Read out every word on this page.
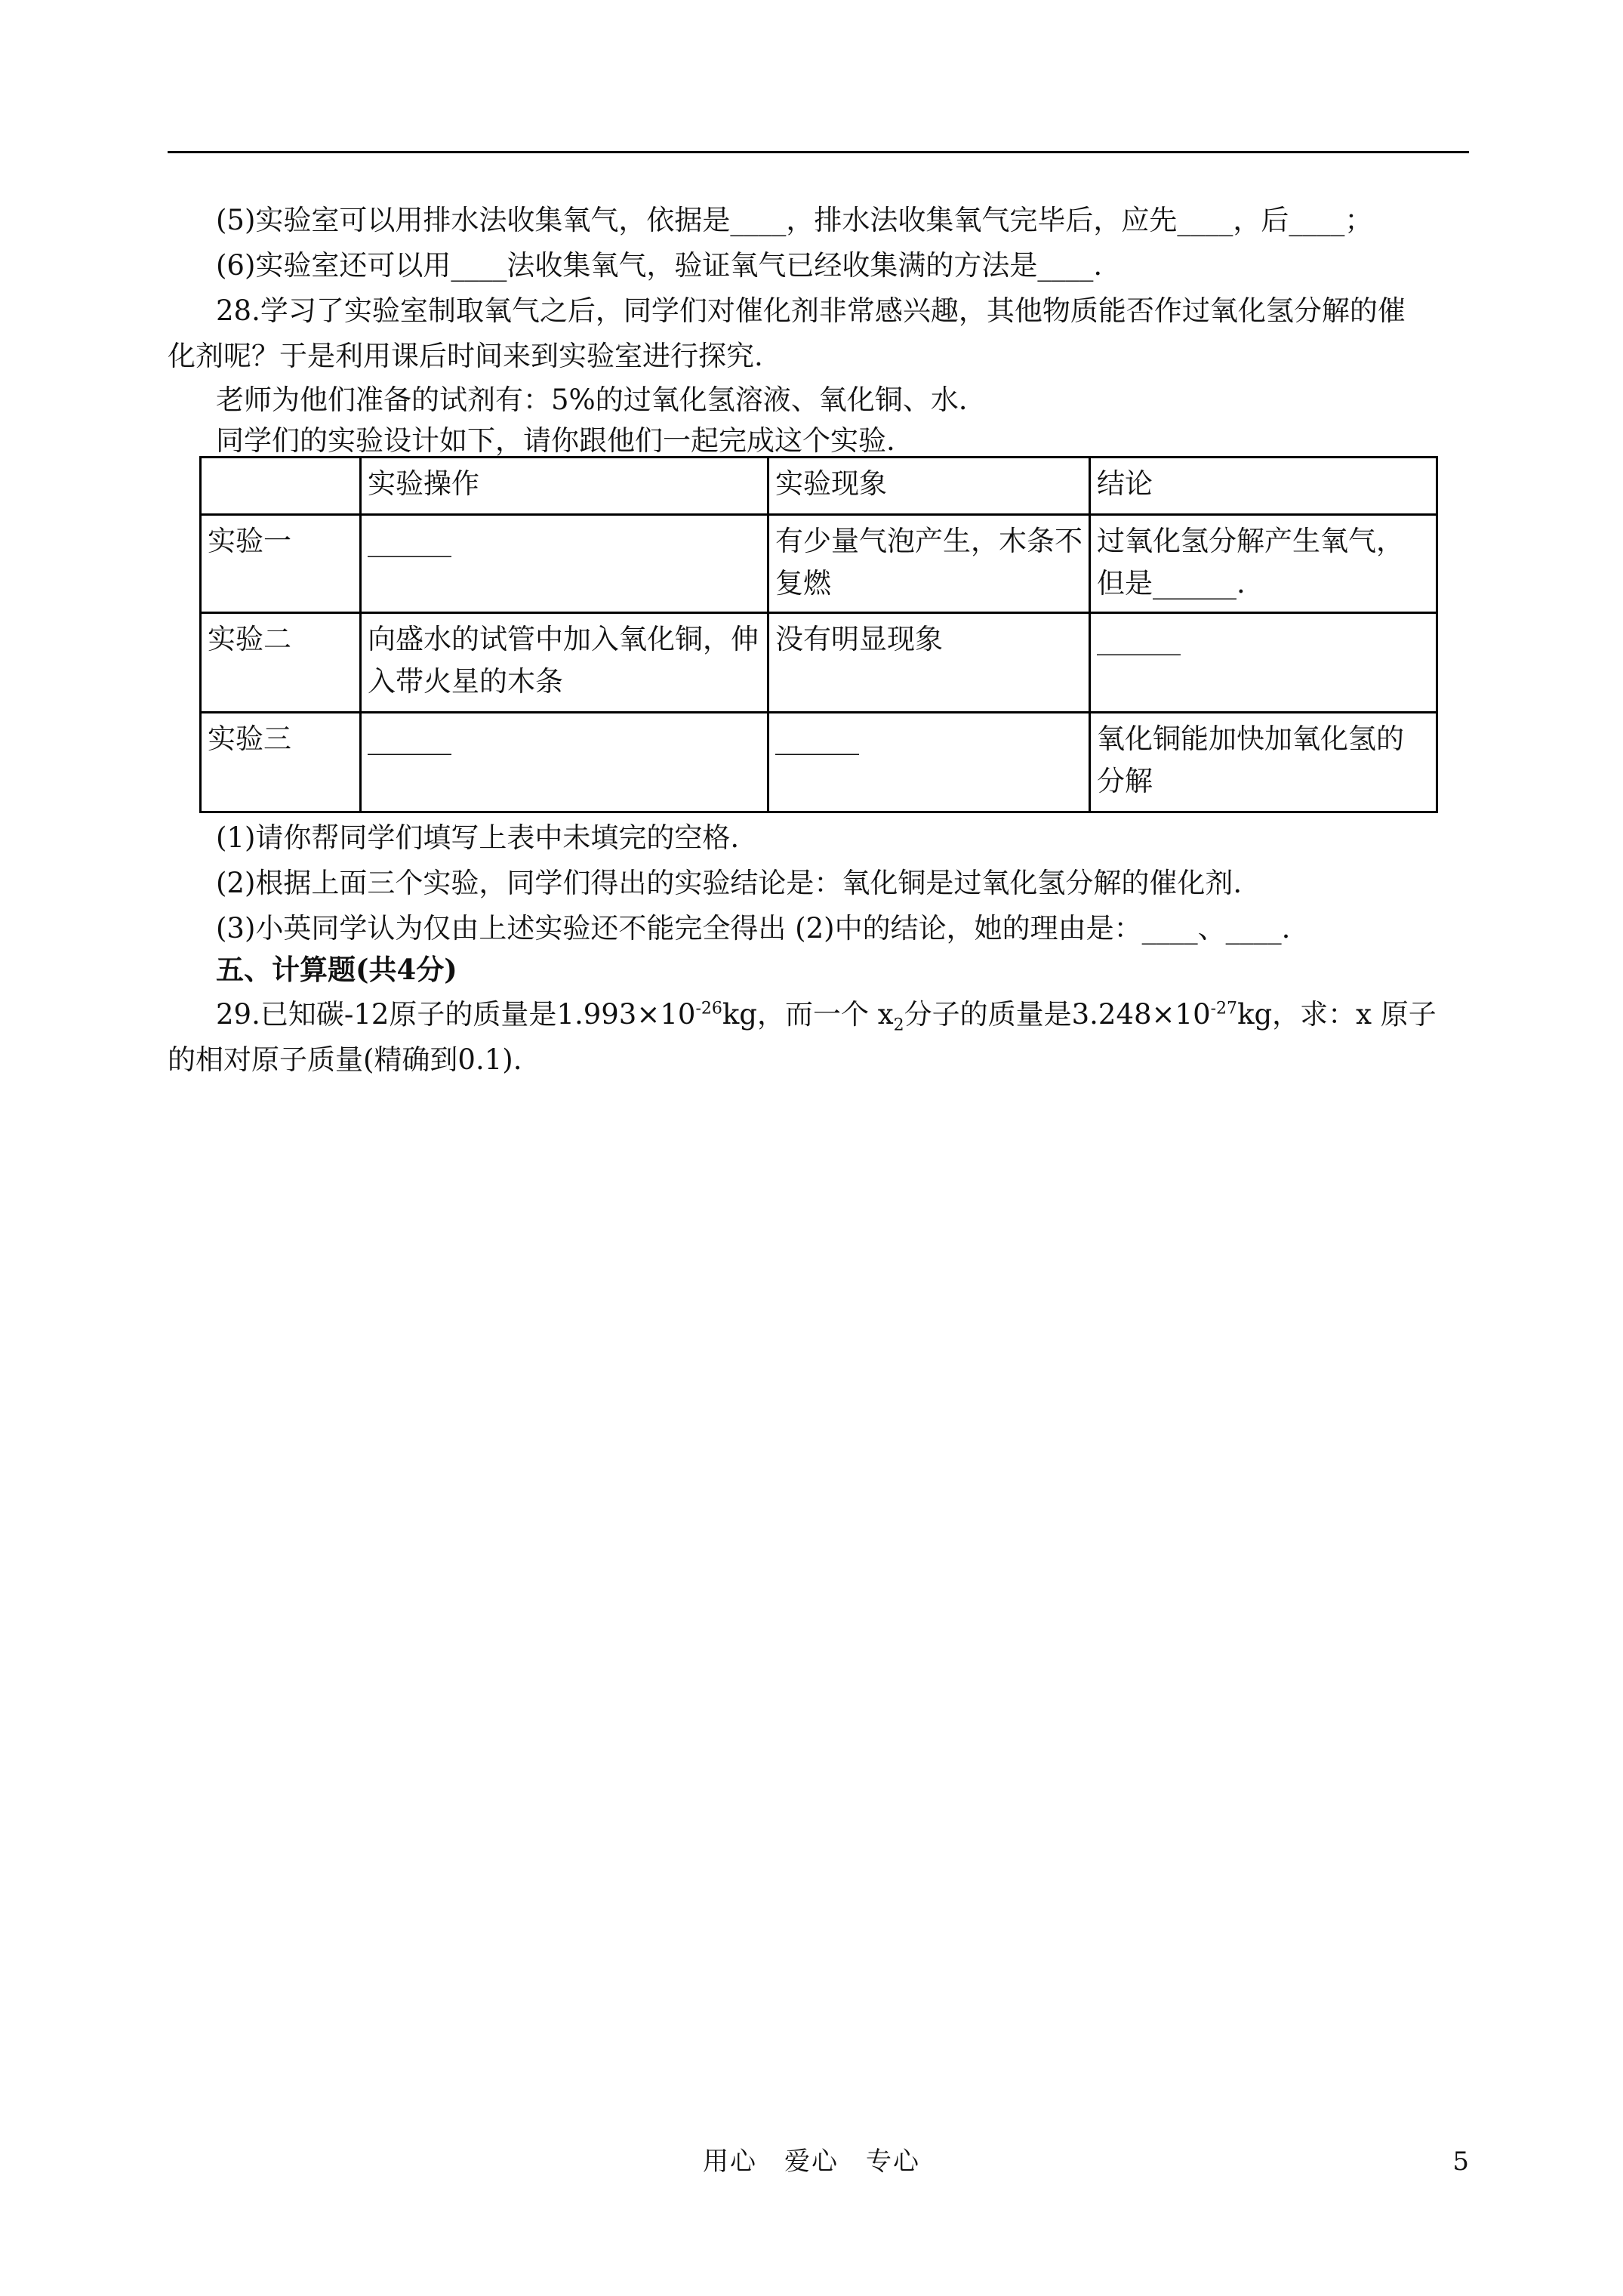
(5)实验室可以用排水法收集氧气，依据是____，排水法收集氧气完毕后，应先____，后____；
(6)实验室还可以用____法收集氧气，验证氧气已经收集满的方法是____.
28.学习了实验室制取氧气之后，同学们对催化剂非常感兴趣，其他物质能否作过氧化氢分解的催
化剂呢？于是利用课后时间来到实验室进行探究.
老师为他们准备的试剂有：5%的过氧化氢溶液、氧化铜、水.
同学们的实验设计如下，请你跟他们一起完成这个实验.
	实验操作	实验现象	结论
实验一	______	有少量气泡产生，木条不复燃	过氧化氢分解产生氧气，但是______.
实验二	向盛水的试管中加入氧化铜，伸入带火星的木条	没有明显现象	______
实验三	______	______	氧化铜能加快加氧化氢的分解
(1)请你帮同学们填写上表中未填完的空格.
(2)根据上面三个实验，同学们得出的实验结论是：氧化铜是过氧化氢分解的催化剂.
(3)小英同学认为仅由上述实验还不能完全得出 (2)中的结论，她的理由是：____、____.
五、计算题(共4分)
29.已知碳-12原子的质量是$1.993\times 10^{-26}kg$，而一个 $x_2$分子的质量是$3.248\times 10^{-27}kg$，求：x 原子
的相对原子质量(精确到0.1).
用心　爱心　专心	5
